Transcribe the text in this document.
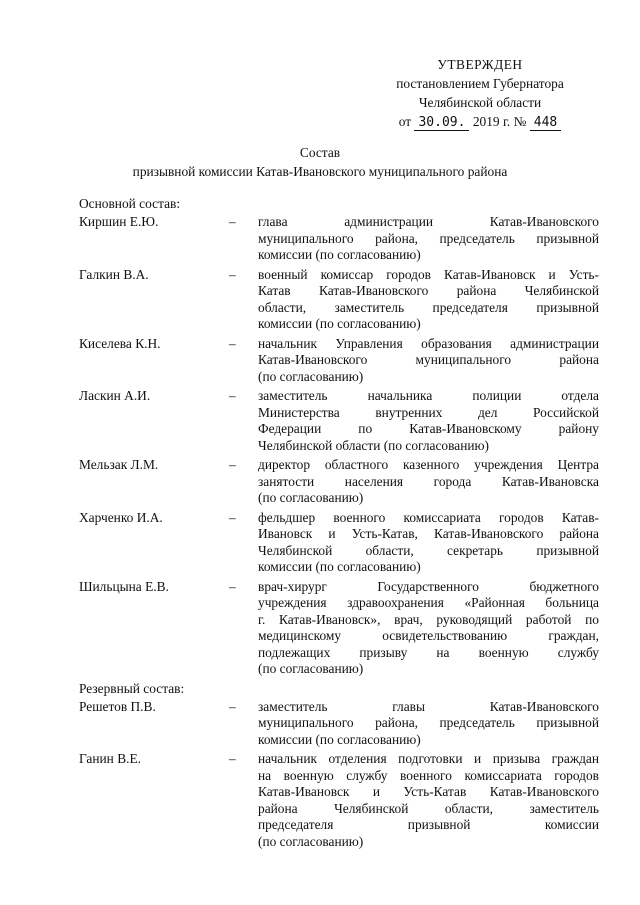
УТВЕРЖДЕН
постановлением Губернатора
Челябинской области
от 30.09. 2019 г. № 448
Состав
призывной комиссии Катав-Ивановского муниципального района
Основной состав:
Киршин Е.Ю.	–	глава администрации Катав-Ивановского
муниципального района, председатель призывной
комиссии (по согласованию)
Галкин В.А.	–	военный комиссар городов Катав-Ивановск и Усть-
Катав Катав-Ивановского района Челябинской
области, заместитель председателя призывной
комиссии (по согласованию)
Киселева К.Н.	–	начальник Управления образования администрации
Катав-Ивановского муниципального района
(по согласованию)
Ласкин А.И.	–	заместитель начальника полиции отдела
Министерства внутренних дел Российской
Федерации по Катав-Ивановскому району
Челябинской области (по согласованию)
Мельзак Л.М.	–	директор областного казенного учреждения Центра
занятости населения города Катав-Ивановска
(по согласованию)
Харченко И.А.	–	фельдшер военного комиссариата городов Катав-
Ивановск и Усть-Катав, Катав-Ивановского района
Челябинской области, секретарь призывной
комиссии (по согласованию)
Шильцына Е.В.	–	врач-хирург Государственного бюджетного
учреждения здравоохранения «Районная больница
г. Катав-Ивановск», врач, руководящий работой по
медицинскому освидетельствованию граждан,
подлежащих призыву на военную службу
(по согласованию)
Резервный состав:
Решетов П.В.	–	заместитель главы Катав-Ивановского
муниципального района, председатель призывной
комиссии (по согласованию)
Ганин В.Е.	–	начальник отделения подготовки и призыва граждан
на военную службу военного комиссариата городов
Катав-Ивановск и Усть-Катав Катав-Ивановского
района Челябинской области, заместитель
председателя призывной комиссии
(по согласованию)
